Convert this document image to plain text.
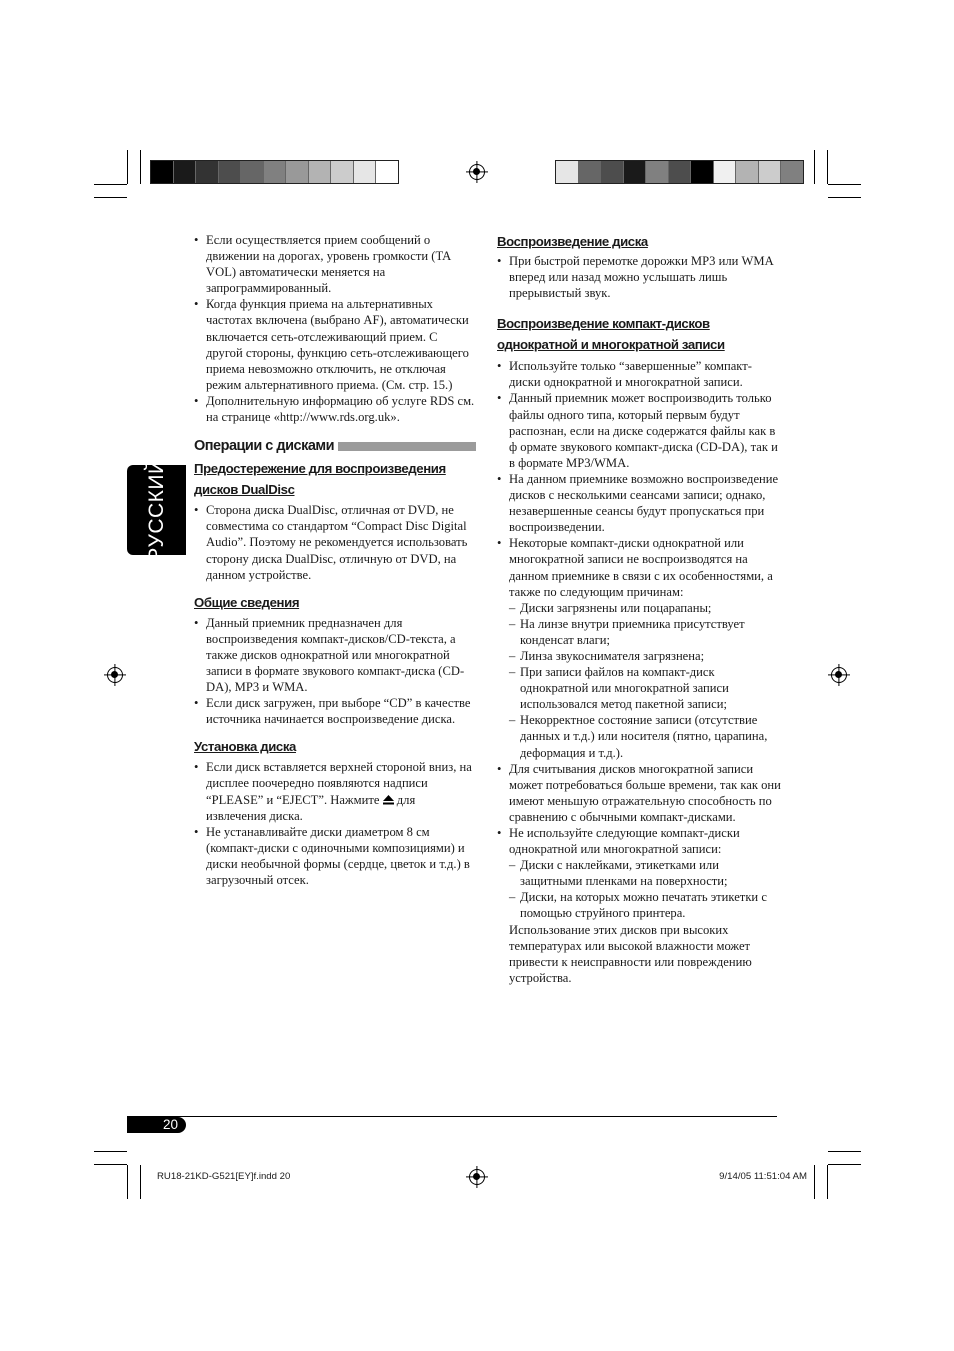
РУССКИЙ
• Если осуществляется прием сообщений о движении на дорогах, уровень громкости (TA VOL) автоматически меняется на запрограммированный.
• Когда функция приема на альтернативных частотах включена (выбрано AF), автоматически включается сеть-отслеживающий прием. С другой стороны, функцию сеть-отслеживающего приема невозможно отключить, не отключая режим альтернативного приема. (См. стр. 15.)
• Дополнительную информацию об услуге RDS см. на странице «http://www.rds.org.uk».
Операции с дисками
Предостережение для воспроизведения дисков DualDisc
• Сторона диска DualDisc, отличная от DVD, не совместима со стандартом “Compact Disc Digital Audio”. Поэтому не рекомендуется использовать сторону диска DualDisc, отличную от DVD, на данном устройстве.
Общие сведения
• Данный приемник предназначен для воспроизведения компакт-дисков/CD-текста, а также дисков однократной или многократной записи в формате звукового компакт-диска (CD-DA), MP3 и WMA.
• Если диск загружен, при выборе “CD” в качестве источника начинается воспроизведение диска.
Установка диска
• Если диск вставляется верхней стороной вниз, на дисплее поочередно появляются надписи “PLEASE” и “EJECT”. Нажмите для извлечения диска.
• Не устанавливайте диски диаметром 8 см (компакт-диски с одиночными композициями) и диски необычной формы (сердце, цветок и т.д.) в загрузочный отсек.
Воспроизведение диска
• При быстрой перемотке дорожки MP3 или WMA вперед или назад можно услышать лишь прерывистый звук.
Воспроизведение компакт-дисков однократной и многократной записи
• Используйте только “завершенные” компакт-диски однократной и многократной записи.
• Данный приемник может воспроизводить только файлы одного типа, который первым будут распознан, если на диске содержатся файлы как в ф ормате звукового компакт-диска (CD-DA), так и в формате MP3/WMA.
• На данном приемнике возможно воспроизведение дисков с несколькими сеансами записи; однако, незавершенные сеансы будут пропускаться при воспроизведении.
• Некоторые компакт-диски однократной или многократной записи не воспроизводятся на данном приемнике в связи с их особенностями, а также по следующим причинам:
– Диски загрязнены или поцарапаны;
– На линзе внутри приемника присутствует конденсат влаги;
– Линза звукоснимателя загрязнена;
– При записи файлов на компакт-диск однократной или многократной записи использовался метод пакетной записи;
– Некорректное состояние записи (отсутствие данных и т.д.) или носителя (пятно, царапина, деформация и т.д.).
• Для считывания дисков многократной записи может потребоваться больше времени, так как они имеют меньшую отражательную способность по сравнению с обычными компакт-дисками.
• Не используйте следующие компакт-диски однократной или многократной записи:
– Диски с наклейками, этикетками или защитными пленками на поверхности;
– Диски, на которых можно печатать этикетки с помощью струйного принтера.
Использование этих дисков при высоких температурах или высокой влажности может привести к неисправности или повреждению устройства.
20
RU18-21KD-G521[EY]f.indd 20	9/14/05 11:51:04 AM
